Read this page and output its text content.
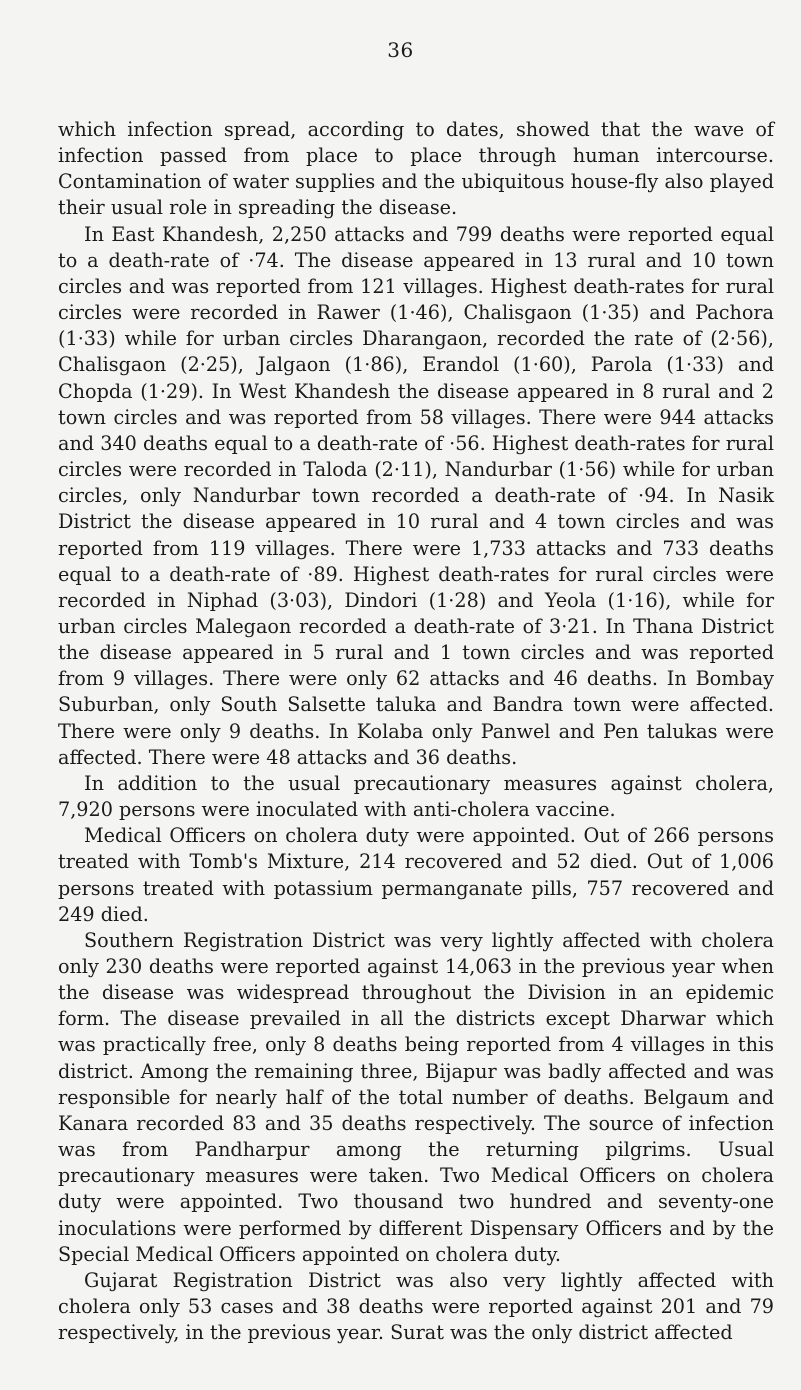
36

which infection spread, according to dates, showed that the wave of infection passed from place to place through human intercourse. Contamination of water supplies and the ubiquitous house-fly also played their usual role in spreading the disease.

In East Khandesh, 2,250 attacks and 799 deaths were reported equal to a death-rate of ·74. The disease appeared in 13 rural and 10 town circles and was reported from 121 villages. Highest death-rates for rural circles were recorded in Rawer (1·46), Chalisgaon (1·35) and Pachora (1·33) while for urban circles Dharangaon, recorded the rate of (2·56), Chalisgaon (2·25), Jalgaon (1·86), Erandol (1·60), Parola (1·33) and Chopda (1·29). In West Khandesh the disease appeared in 8 rural and 2 town circles and was reported from 58 villages. There were 944 attacks and 340 deaths equal to a death-rate of ·56. Highest death-rates for rural circles were recorded in Taloda (2·11), Nandurbar (1·56) while for urban circles, only Nandurbar town recorded a death-rate of ·94. In Nasik District the disease appeared in 10 rural and 4 town circles and was reported from 119 villages. There were 1,733 attacks and 733 deaths equal to a death-rate of ·89. Highest death-rates for rural circles were recorded in Niphad (3·03), Dindori (1·28) and Yeola (1·16), while for urban circles Malegaon recorded a death-rate of 3·21. In Thana District the disease appeared in 5 rural and 1 town circles and was reported from 9 villages. There were only 62 attacks and 46 deaths. In Bombay Suburban, only South Salsette taluka and Bandra town were affected. There were only 9 deaths. In Kolaba only Panwel and Pen talukas were affected. There were 48 attacks and 36 deaths.

In addition to the usual precautionary measures against cholera, 7,920 persons were inoculated with anti-cholera vaccine.

Medical Officers on cholera duty were appointed. Out of 266 persons treated with Tomb's Mixture, 214 recovered and 52 died. Out of 1,006 persons treated with potassium permanganate pills, 757 recovered and 249 died.

Southern Registration District was very lightly affected with cholera only 230 deaths were reported against 14,063 in the previous year when the disease was widespread throughout the Division in an epidemic form. The disease prevailed in all the districts except Dharwar which was practically free, only 8 deaths being reported from 4 villages in this district. Among the remaining three, Bijapur was badly affected and was responsible for nearly half of the total number of deaths. Belgaum and Kanara recorded 83 and 35 deaths respectively. The source of infection was from Pandharpur among the returning pilgrims. Usual precautionary measures were taken. Two Medical Officers on cholera duty were appointed. Two thousand two hundred and seventy-one inoculations were performed by different Dispensary Officers and by the Special Medical Officers appointed on cholera duty.

Gujarat Registration District was also very lightly affected with cholera only 53 cases and 38 deaths were reported against 201 and 79 respectively, in the previous year. Surat was the only district affected
